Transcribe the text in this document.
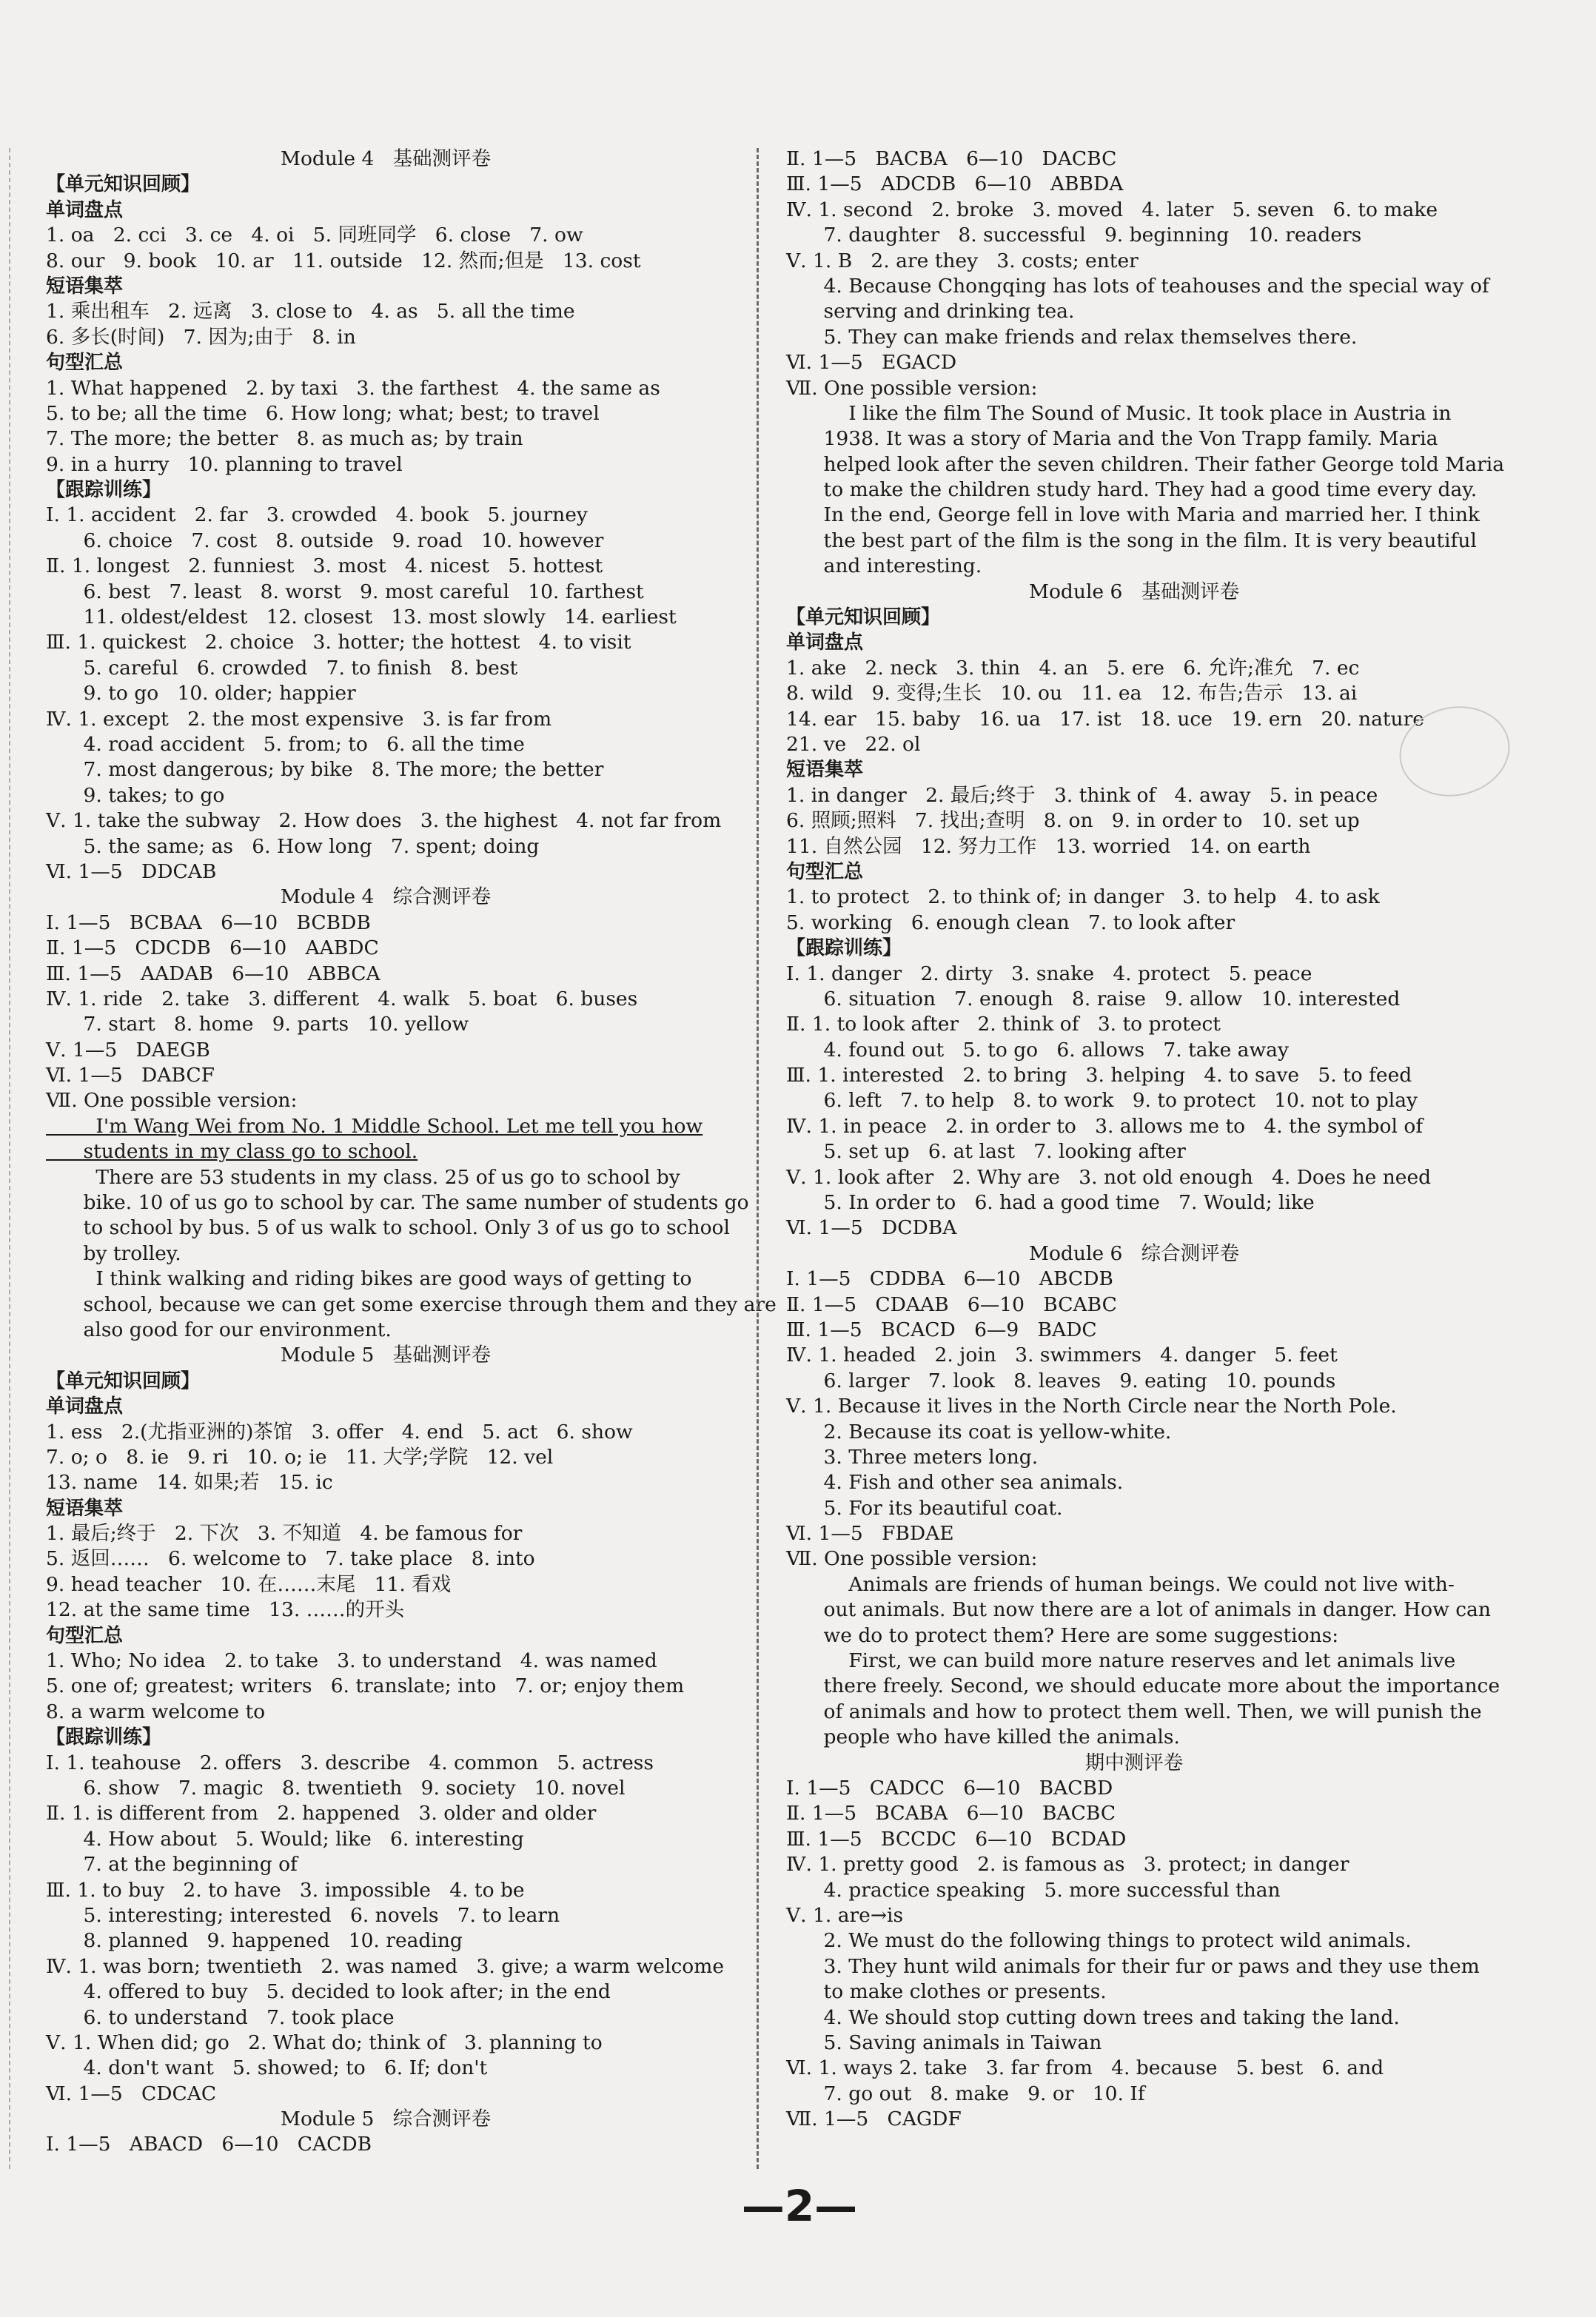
Module 4   基础测评卷
【单元知识回顾】
单词盘点
1. oa   2. cci   3. ce   4. oi   5. 同班同学   6. close   7. ow
8. our   9. book   10. ar   11. outside   12. 然而;但是   13. cost
短语集萃
1. 乘出租车   2. 远离   3. close to   4. as   5. all the time
6. 多长(时间)   7. 因为;由于   8. in
句型汇总
1. What happened   2. by taxi   3. the farthest   4. the same as
5. to be; all the time   6. How long; what; best; to travel
7. The more; the better   8. as much as; by train
9. in a hurry   10. planning to travel
【跟踪训练】
Ⅰ. 1. accident   2. far   3. crowded   4. book   5. journey
6. choice   7. cost   8. outside   9. road   10. however
Ⅱ. 1. longest   2. funniest   3. most   4. nicest   5. hottest
6. best   7. least   8. worst   9. most careful   10. farthest
11. oldest/eldest   12. closest   13. most slowly   14. earliest
Ⅲ. 1. quickest   2. choice   3. hotter; the hottest   4. to visit
5. careful   6. crowded   7. to finish   8. best
9. to go   10. older; happier
Ⅳ. 1. except   2. the most expensive   3. is far from
4. road accident   5. from; to   6. all the time
7. most dangerous; by bike   8. The more; the better
9. takes; to go
Ⅴ. 1. take the subway   2. How does   3. the highest   4. not far from
5. the same; as   6. How long   7. spent; doing
Ⅵ. 1—5   DDCAB
Module 4   综合测评卷
Ⅰ. 1—5   BCBAA   6—10   BCBDB
Ⅱ. 1—5   CDCDB   6—10   AABDC
Ⅲ. 1—5   AADAB   6—10   ABBCA
Ⅳ. 1. ride   2. take   3. different   4. walk   5. boat   6. buses
7. start   8. home   9. parts   10. yellow
Ⅴ. 1—5   DAEGB
Ⅵ. 1—5   DABCF
Ⅶ. One possible version:
I'm Wang Wei from No. 1 Middle School. Let me tell you how
students in my class go to school.
There are 53 students in my class. 25 of us go to school by
bike. 10 of us go to school by car. The same number of students go
to school by bus. 5 of us walk to school. Only 3 of us go to school
by trolley.
I think walking and riding bikes are good ways of getting to
school, because we can get some exercise through them and they are
also good for our environment.
Module 5   基础测评卷
【单元知识回顾】
单词盘点
1. ess   2.(尤指亚洲的)茶馆   3. offer   4. end   5. act   6. show
7. o; o   8. ie   9. ri   10. o; ie   11. 大学;学院   12. vel
13. name   14. 如果;若   15. ic
短语集萃
1. 最后;终于   2. 下次   3. 不知道   4. be famous for
5. 返回……   6. welcome to   7. take place   8. into
9. head teacher   10. 在……末尾   11. 看戏
12. at the same time   13. ……的开头
句型汇总
1. Who; No idea   2. to take   3. to understand   4. was named
5. one of; greatest; writers   6. translate; into   7. or; enjoy them
8. a warm welcome to
【跟踪训练】
Ⅰ. 1. teahouse   2. offers   3. describe   4. common   5. actress
6. show   7. magic   8. twentieth   9. society   10. novel
Ⅱ. 1. is different from   2. happened   3. older and older
4. How about   5. Would; like   6. interesting
7. at the beginning of
Ⅲ. 1. to buy   2. to have   3. impossible   4. to be
5. interesting; interested   6. novels   7. to learn
8. planned   9. happened   10. reading
Ⅳ. 1. was born; twentieth   2. was named   3. give; a warm welcome
4. offered to buy   5. decided to look after; in the end
6. to understand   7. took place
Ⅴ. 1. When did; go   2. What do; think of   3. planning to
4. don't want   5. showed; to   6. If; don't
Ⅵ. 1—5   CDCAC
Module 5   综合测评卷
Ⅰ. 1—5   ABACD   6—10   CACDB
Ⅱ. 1—5   BACBA   6—10   DACBC
Ⅲ. 1—5   ADCDB   6—10   ABBDA
Ⅳ. 1. second   2. broke   3. moved   4. later   5. seven   6. to make
7. daughter   8. successful   9. beginning   10. readers
Ⅴ. 1. B   2. are they   3. costs; enter
4. Because Chongqing has lots of teahouses and the special way of
serving and drinking tea.
5. They can make friends and relax themselves there.
Ⅵ. 1—5   EGACD
Ⅶ. One possible version:
I like the film The Sound of Music. It took place in Austria in
1938. It was a story of Maria and the Von Trapp family. Maria
helped look after the seven children. Their father George told Maria
to make the children study hard. They had a good time every day.
In the end, George fell in love with Maria and married her. I think
the best part of the film is the song in the film. It is very beautiful
and interesting.
Module 6   基础测评卷
【单元知识回顾】
单词盘点
1. ake   2. neck   3. thin   4. an   5. ere   6. 允许;准允   7. ec
8. wild   9. 变得;生长   10. ou   11. ea   12. 布告;告示   13. ai
14. ear   15. baby   16. ua   17. ist   18. uce   19. ern   20. nature
21. ve   22. ol
短语集萃
1. in danger   2. 最后;终于   3. think of   4. away   5. in peace
6. 照顾;照料   7. 找出;查明   8. on   9. in order to   10. set up
11. 自然公园   12. 努力工作   13. worried   14. on earth
句型汇总
1. to protect   2. to think of; in danger   3. to help   4. to ask
5. working   6. enough clean   7. to look after
【跟踪训练】
Ⅰ. 1. danger   2. dirty   3. snake   4. protect   5. peace
6. situation   7. enough   8. raise   9. allow   10. interested
Ⅱ. 1. to look after   2. think of   3. to protect
4. found out   5. to go   6. allows   7. take away
Ⅲ. 1. interested   2. to bring   3. helping   4. to save   5. to feed
6. left   7. to help   8. to work   9. to protect   10. not to play
Ⅳ. 1. in peace   2. in order to   3. allows me to   4. the symbol of
5. set up   6. at last   7. looking after
Ⅴ. 1. look after   2. Why are   3. not old enough   4. Does he need
5. In order to   6. had a good time   7. Would; like
Ⅵ. 1—5   DCDBA
Module 6   综合测评卷
Ⅰ. 1—5   CDDBA   6—10   ABCDB
Ⅱ. 1—5   CDAAB   6—10   BCABC
Ⅲ. 1—5   BCACD   6—9   BADC
Ⅳ. 1. headed   2. join   3. swimmers   4. danger   5. feet
6. larger   7. look   8. leaves   9. eating   10. pounds
Ⅴ. 1. Because it lives in the North Circle near the North Pole.
2. Because its coat is yellow-white.
3. Three meters long.
4. Fish and other sea animals.
5. For its beautiful coat.
Ⅵ. 1—5   FBDAE
Ⅶ. One possible version:
Animals are friends of human beings. We could not live with-
out animals. But now there are a lot of animals in danger. How can
we do to protect them? Here are some suggestions:
First, we can build more nature reserves and let animals live
there freely. Second, we should educate more about the importance
of animals and how to protect them well. Then, we will punish the
people who have killed the animals.
期中测评卷
Ⅰ. 1—5   CADCC   6—10   BACBD
Ⅱ. 1—5   BCABA   6—10   BACBC
Ⅲ. 1—5   BCCDC   6—10   BCDAD
Ⅳ. 1. pretty good   2. is famous as   3. protect; in danger
4. practice speaking   5. more successful than
Ⅴ. 1. are→is
2. We must do the following things to protect wild animals.
3. They hunt wild animals for their fur or paws and they use them
to make clothes or presents.
4. We should stop cutting down trees and taking the land.
5. Saving animals in Taiwan
Ⅵ. 1. ways 2. take   3. far from   4. because   5. best   6. and
7. go out   8. make   9. or   10. If
Ⅶ. 1—5   CAGDF
—2—
